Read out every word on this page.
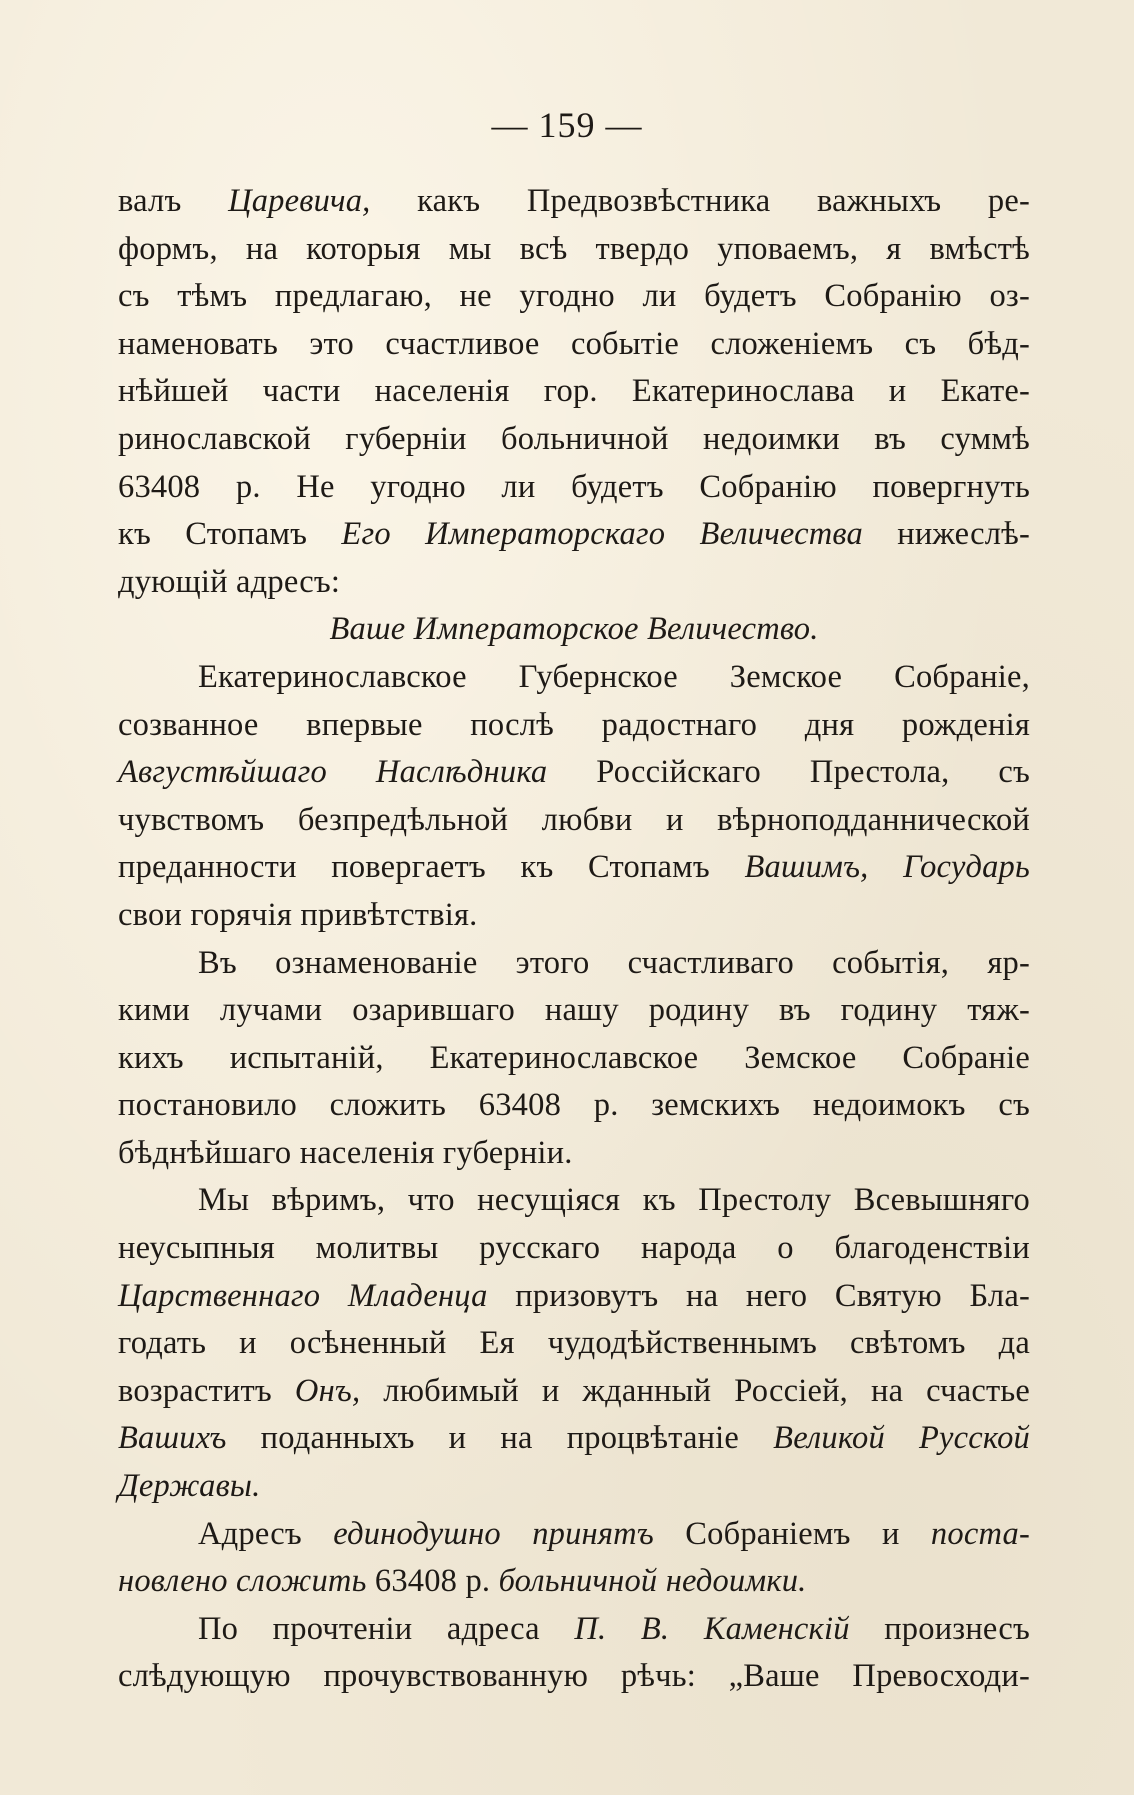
— 159 —
валъ Царевича, какъ Предвозвѣстника важныхъ ре-
формъ, на которыя мы всѣ твердо уповаемъ, я вмѣстѣ
съ тѣмъ предлагаю, не угодно ли будетъ Собранію оз-
наменовать это счастливое событіе сложеніемъ съ бѣд-
нѣйшей части населенія гор. Екатеринослава и Екате-
ринославской губерніи больничной недоимки въ суммѣ
63408 р. Не угодно ли будетъ Собранію повергнуть
къ Стопамъ Его Императорскаго Величества нижеслѣ-
дующій адресъ:
Ваше Императорское Величество.
Екатеринославское Губернское Земское Собраніе,
созванное впервые послѣ радостнаго дня рожденія
Августѣйшаго Наслѣдника Россійскаго Престола, съ
чувствомъ безпредѣльной любви и вѣрноподданнической
преданности повергаетъ къ Стопамъ Вашимъ, Государь
свои горячія привѣтствія.
Въ ознаменованіе этого счастливаго событія, яр-
кими лучами озарившаго нашу родину въ годину тяж-
кихъ испытаній, Екатеринославское Земское Собраніе
постановило сложить 63408 р. земскихъ недоимокъ съ
бѣднѣйшаго населенія губерніи.
Мы вѣримъ, что несущіяся къ Престолу Всевышняго
неусыпныя молитвы русскаго народа о благоденствіи
Царственнаго Младенца призовутъ на него Святую Бла-
годать и осѣненный Ея чудодѣйственнымъ свѣтомъ да
возраститъ Онъ, любимый и жданный Россіей, на счастье
Вашихъ поданныхъ и на процвѣтаніе Великой Русской
Державы.
Адресъ единодушно принятъ Собраніемъ и поста-
новлено сложить 63408 р. больничной недоимки.
По прочтеніи адреса П. В. Каменскій произнесъ
слѣдующую прочувствованную рѣчь: „Ваше Превосходи-
